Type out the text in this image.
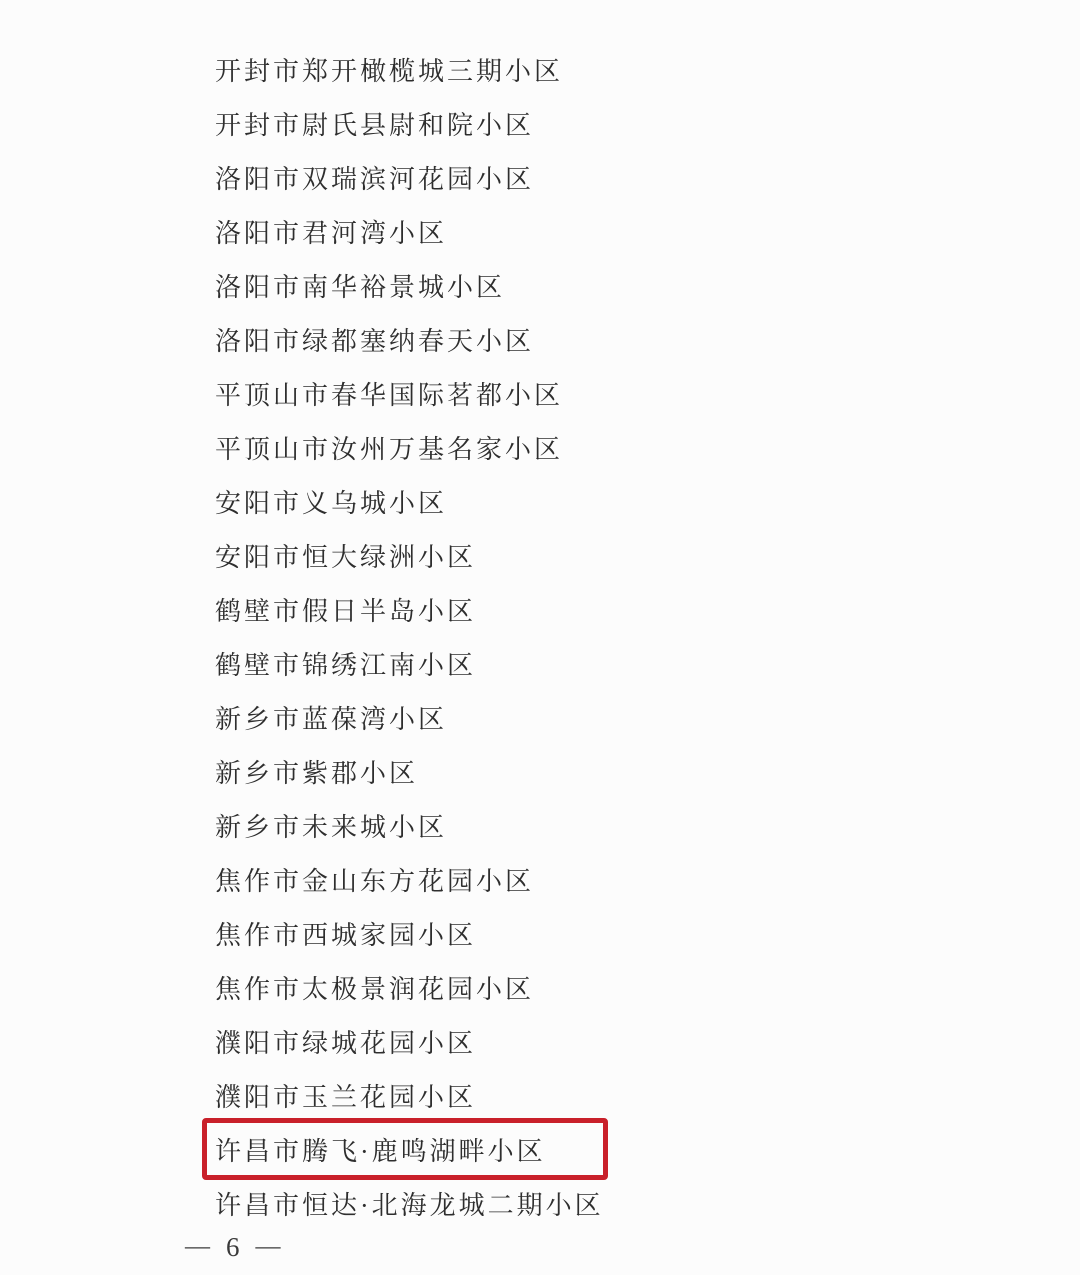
开封市郑开橄榄城三期小区
开封市尉氏县尉和院小区
洛阳市双瑞滨河花园小区
洛阳市君河湾小区
洛阳市南华裕景城小区
洛阳市绿都塞纳春天小区
平顶山市春华国际茗都小区
平顶山市汝州万基名家小区
安阳市义乌城小区
安阳市恒大绿洲小区
鹤壁市假日半岛小区
鹤壁市锦绣江南小区
新乡市蓝葆湾小区
新乡市紫郡小区
新乡市未来城小区
焦作市金山东方花园小区
焦作市西城家园小区
焦作市太极景润花园小区
濮阳市绿城花园小区
濮阳市玉兰花园小区
许昌市腾飞·鹿鸣湖畔小区
许昌市恒达·北海龙城二期小区
— 6 —
